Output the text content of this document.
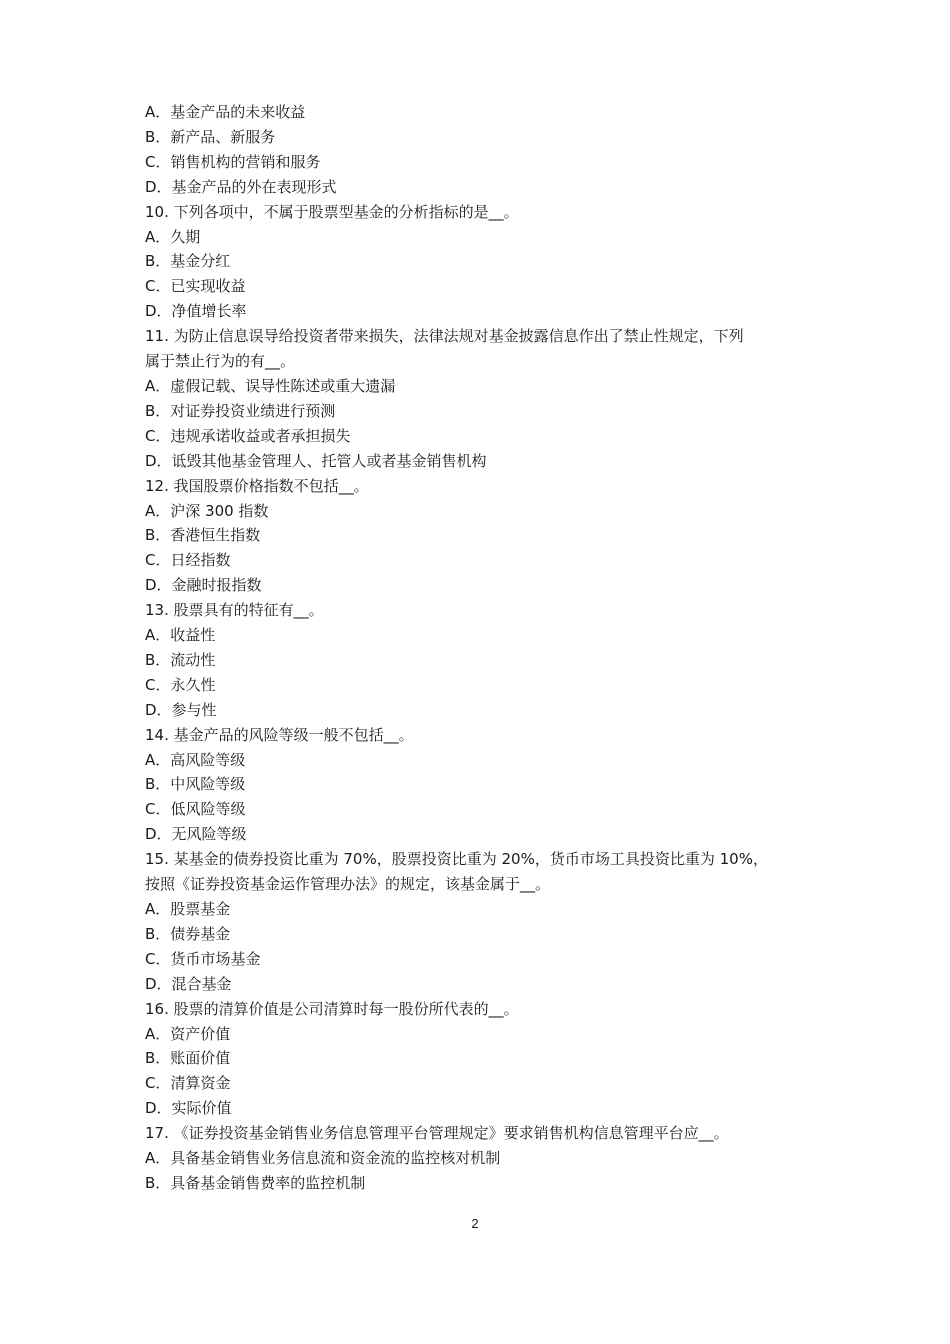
A．基金产品的未来收益
B．新产品、新服务
C．销售机构的营销和服务
D．基金产品的外在表现形式
10. 下列各项中，不属于股票型基金的分析指标的是__。
A．久期
B．基金分红
C．已实现收益
D．净值增长率
11. 为防止信息误导给投资者带来损失，法律法规对基金披露信息作出了禁止性规定，下列
属于禁止行为的有__。
A．虚假记载、误导性陈述或重大遗漏
B．对证券投资业绩进行预测
C．违规承诺收益或者承担损失
D．诋毁其他基金管理人、托管人或者基金销售机构
12. 我国股票价格指数不包括__。
A．沪深 300 指数
B．香港恒生指数
C．日经指数
D．金融时报指数
13. 股票具有的特征有__。
A．收益性
B．流动性
C．永久性
D．参与性
14. 基金产品的风险等级一般不包括__。
A．高风险等级
B．中风险等级
C．低风险等级
D．无风险等级
15. 某基金的债券投资比重为 70%，股票投资比重为 20%，货币市场工具投资比重为 10%，
按照《证券投资基金运作管理办法》的规定，该基金属于__。
A．股票基金
B．债券基金
C．货币市场基金
D．混合基金
16. 股票的清算价值是公司清算时每一股份所代表的__。
A．资产价值
B．账面价值
C．清算资金
D．实际价值
17. 《证券投资基金销售业务信息管理平台管理规定》要求销售机构信息管理平台应__。
A．具备基金销售业务信息流和资金流的监控核对机制
B．具备基金销售费率的监控机制
2
